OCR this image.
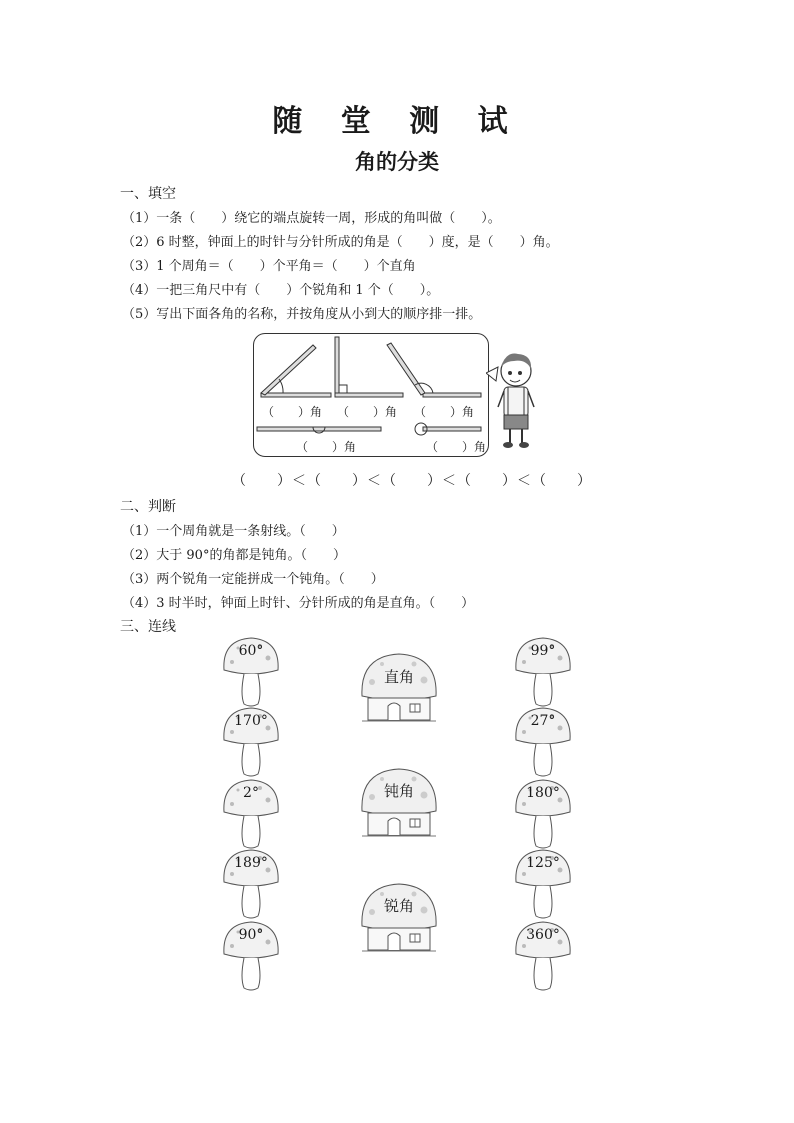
随 堂 测 试
角的分类
一、填空
（1）一条（　　）绕它的端点旋转一周，形成的角叫做（　　）。
（2）6 时整，钟面上的时针与分针所成的角是（　　）度，是（　　）角。
（3）1 个周角＝（　　）个平角＝（　　）个直角
（4）一把三角尺中有（　　）个锐角和 1 个（　　）。
（5）写出下面各角的名称，并按角度从小到大的顺序排一排。
（　　）角 （　　）角 （　　）角
（　　）角	（　　）角
（　　）＜（　　）＜（　　）＜（　　）＜（　　）
二、判断
（1）一个周角就是一条射线。（　　）
（2）大于 90°的角都是钝角。（　　）
（3）两个锐角一定能拼成一个钝角。（　　）
（4）3 时半时，钟面上时针、分针所成的角是直角。（　　）
三、连线
60°
170°
2°
189°
90°
99°
27°
180°
125°
360°
直角
钝角
锐角
